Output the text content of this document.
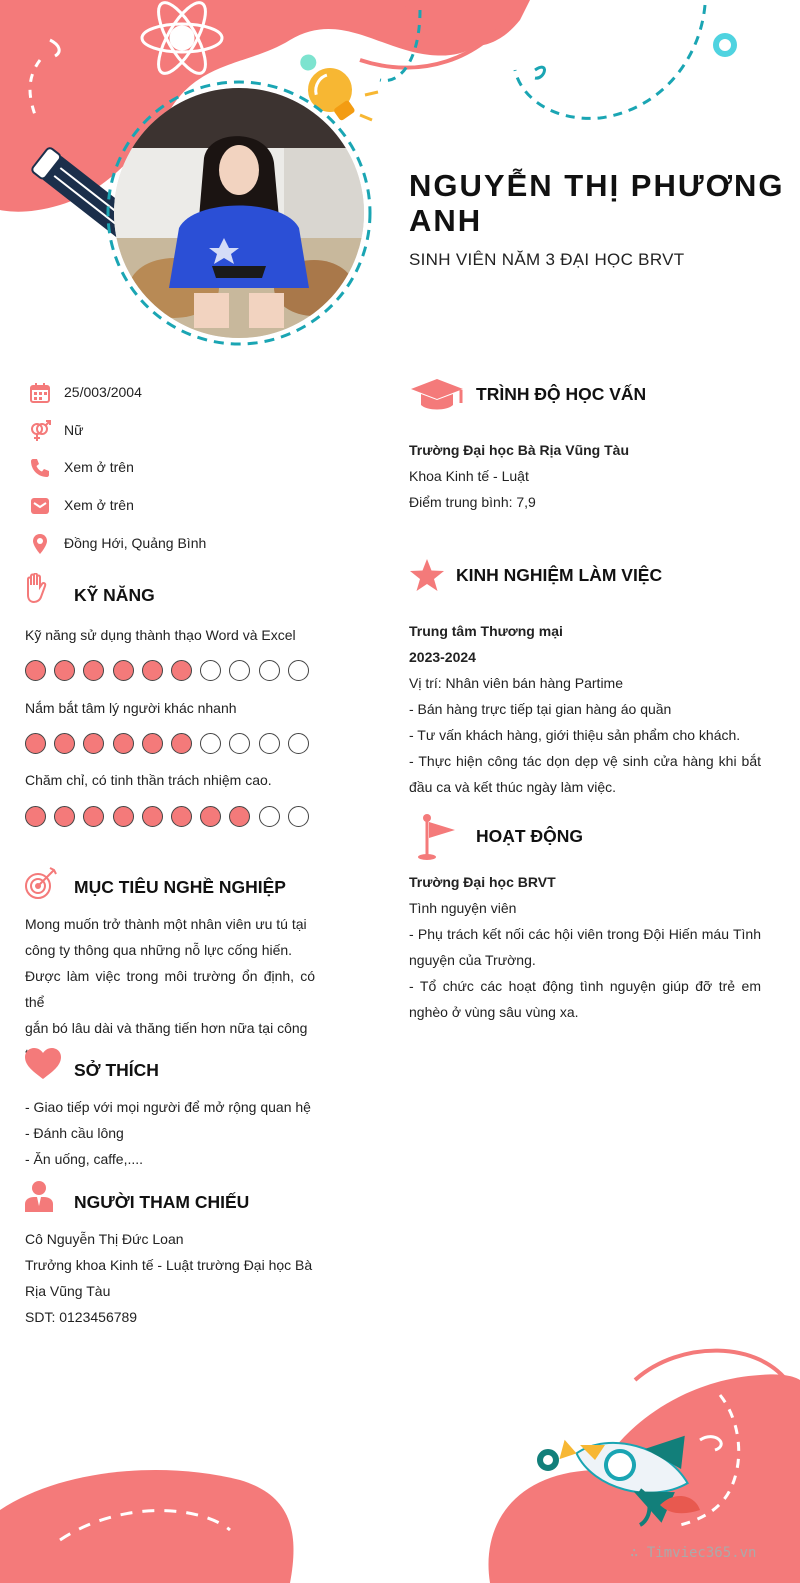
NGUYỄN THỊ PHƯƠNG ANH
SINH VIÊN NĂM 3 ĐẠI HỌC BRVT
25/003/2004
Nữ
Xem ở trên
Xem ở trên
Đồng Hới, Quảng Bình
KỸ NĂNG
Kỹ năng sử dụng thành thạo Word và Excel
Nắm bắt tâm lý người khác nhanh
Chăm chỉ, có tinh thần trách nhiệm cao.
MỤC TIÊU NGHỀ NGHIỆP
Mong muốn trở thành một nhân viên ưu tú tại
công ty thông qua những nỗ lực cống hiến.
Được làm việc trong môi trường ổn định, có thể
gắn bó lâu dài và thăng tiến hơn nữa tại công
SỞ THÍCH
- Giao tiếp với mọi người để mở rộng quan hệ
- Đánh cầu lông
- Ăn uống, caffe,....
NGƯỜI THAM CHIẾU
Cô Nguyễn Thị Đức Loan
Trưởng khoa Kinh tế - Luật trường Đại học Bà
Rịa Vũng Tàu
SDT: 0123456789
TRÌNH ĐỘ HỌC VẤN
Trường Đại học Bà Rịa Vũng Tàu
Khoa Kinh tế - Luật
Điểm trung bình: 7,9
KINH NGHIỆM LÀM VIỆC
Trung tâm Thương mại
2023-2024
Vị trí: Nhân viên bán hàng Partime
- Bán hàng trực tiếp tại gian hàng áo quần
- Tư vấn khách hàng, giới thiệu sản phẩm cho khách.
- Thực hiện công tác dọn dẹp vệ sinh cửa hàng khi bắt đầu ca và kết thúc ngày làm việc.
HOẠT ĐỘNG
Trường Đại học BRVT
Tình nguyện viên
- Phụ trách kết nối các hội viên trong Đội Hiến máu Tình nguyện của Trường.
- Tổ chức các hoạt động tình nguyện giúp đỡ trẻ em nghèo ở vùng sâu vùng xa.
∴ Timviec365.vn
